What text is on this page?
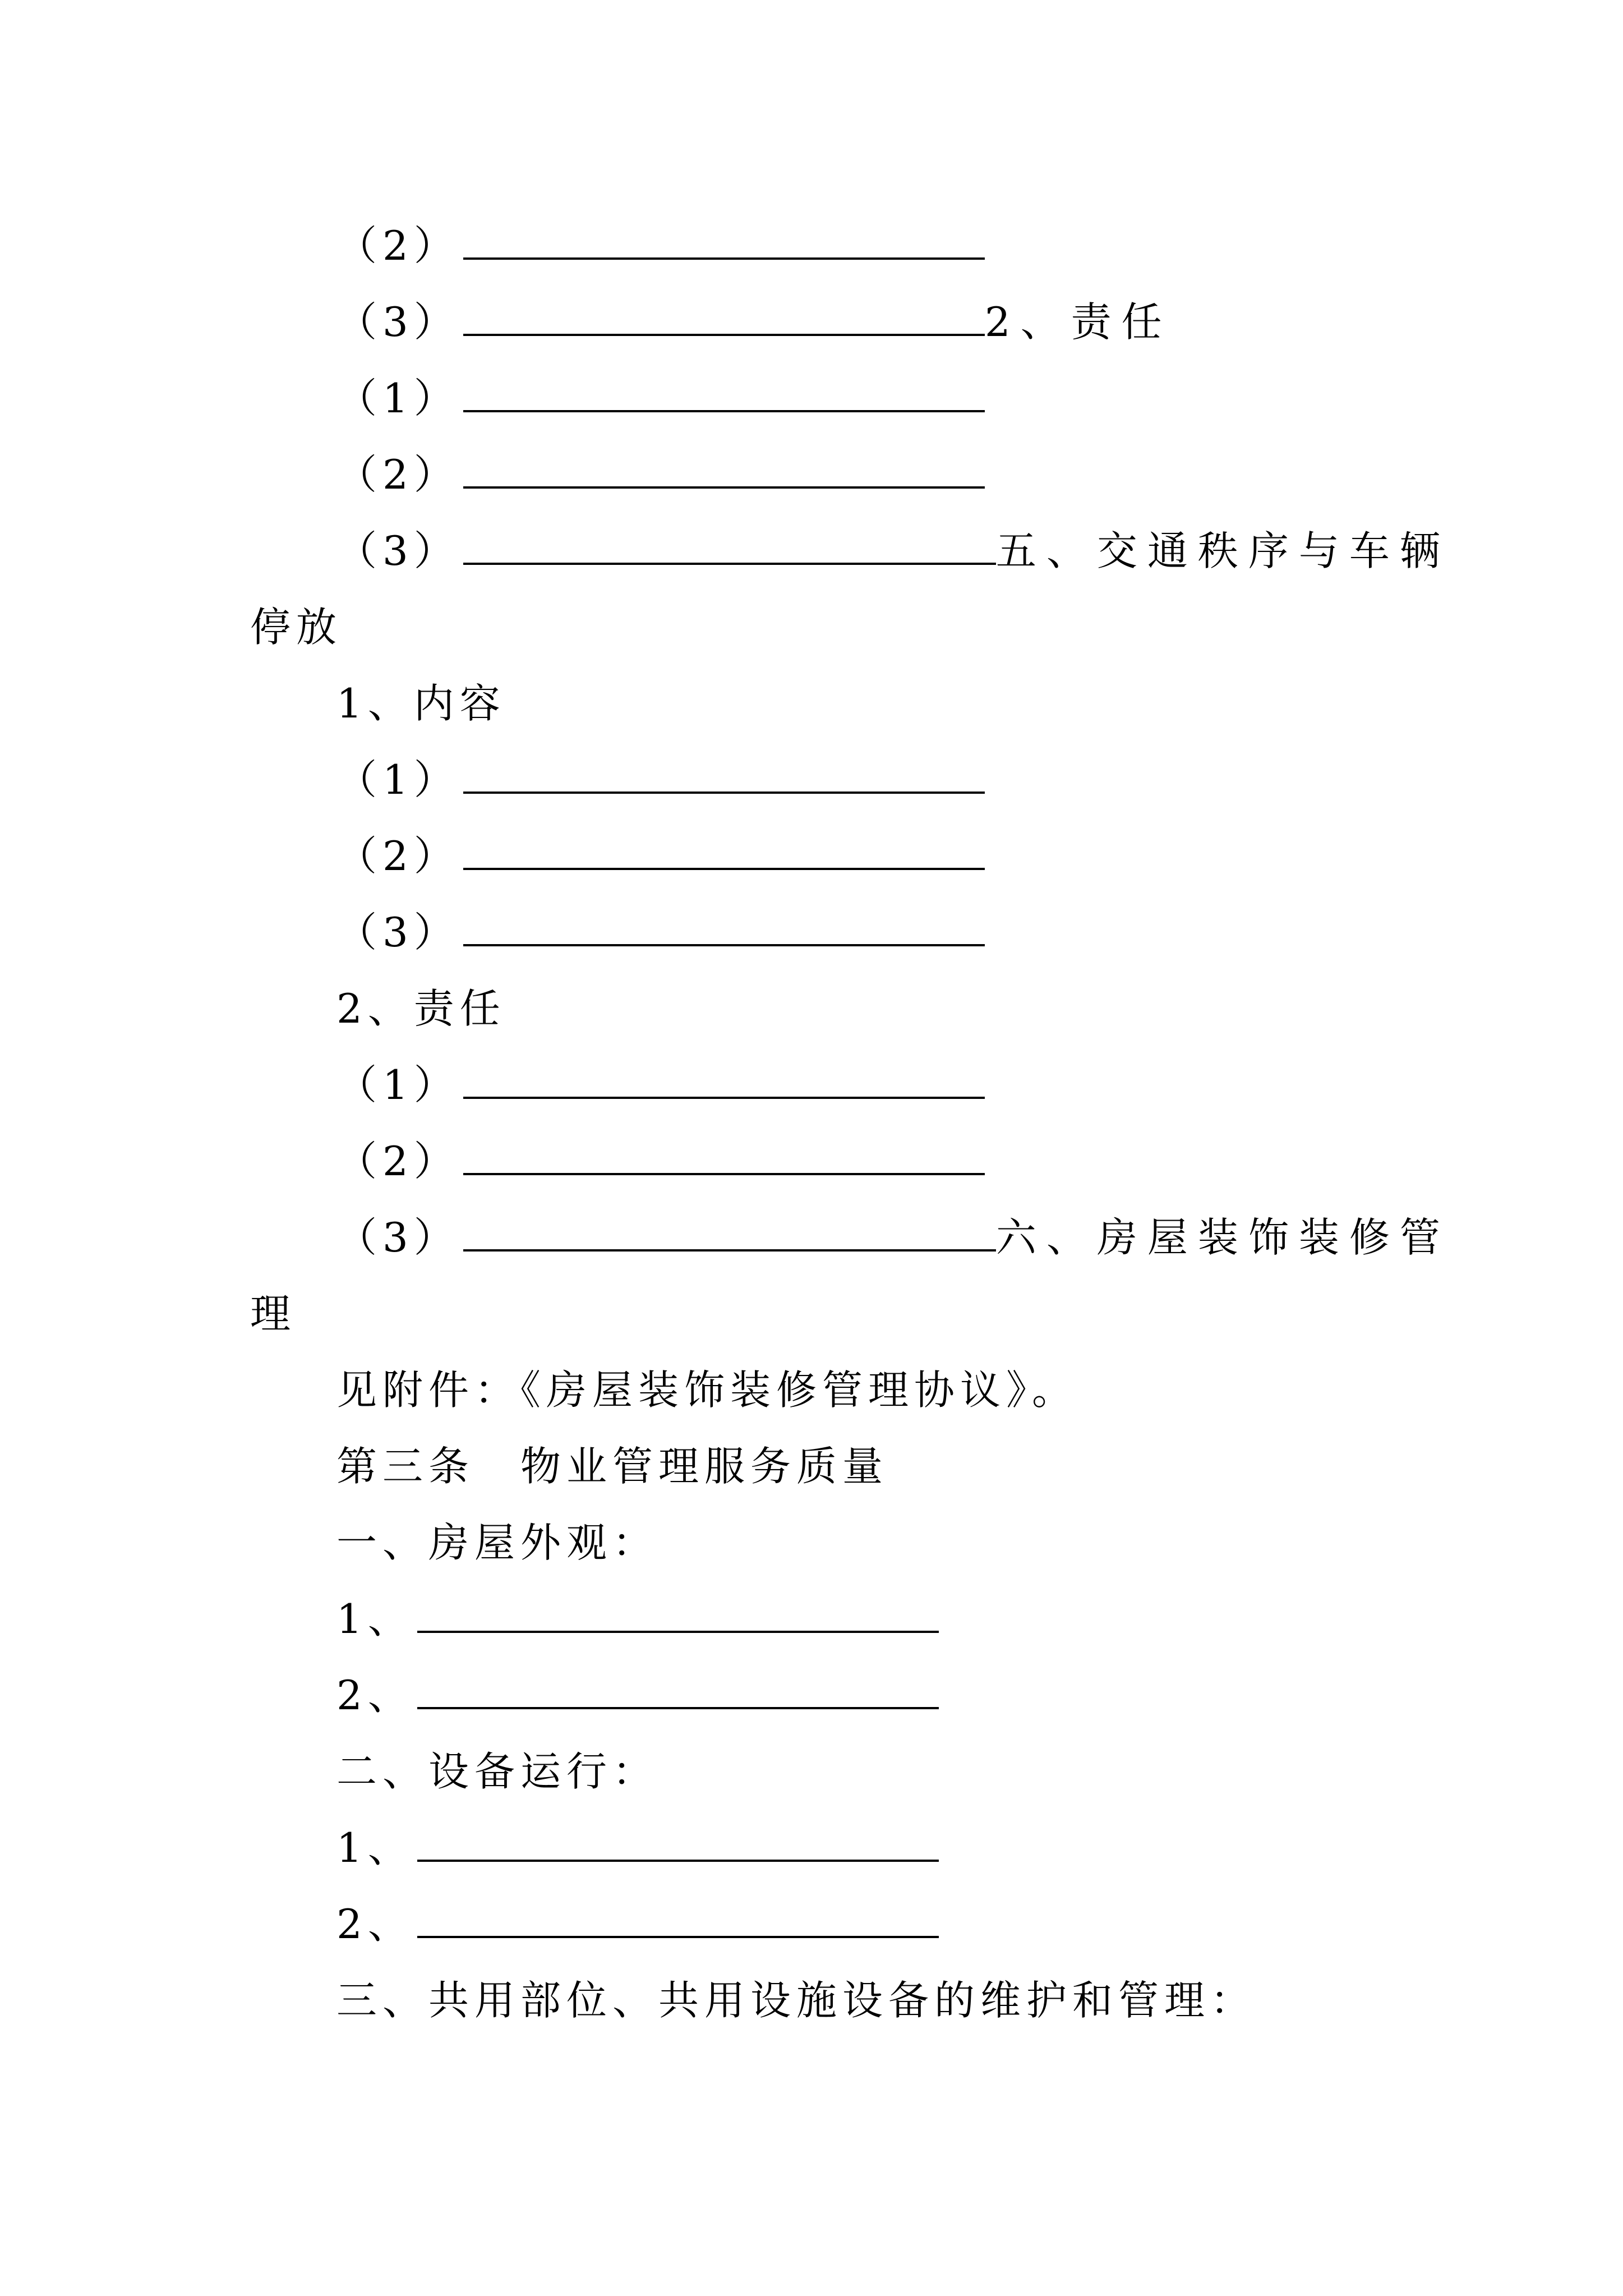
（2）
（3）	2、责任
（1）
（2）
（3）	五、交通秩序与车辆
停放
1、内容
（1）
（2）
（3）
2、责任
（1）
（2）
（3）	六、房屋装饰装修管
理
见附件：《房屋装饰装修管理协议》。
第三条　物业管理服务质量
一、房屋外观：
1、
2、
二、设备运行：
1、
2、
三、共用部位、共用设施设备的维护和管理：
